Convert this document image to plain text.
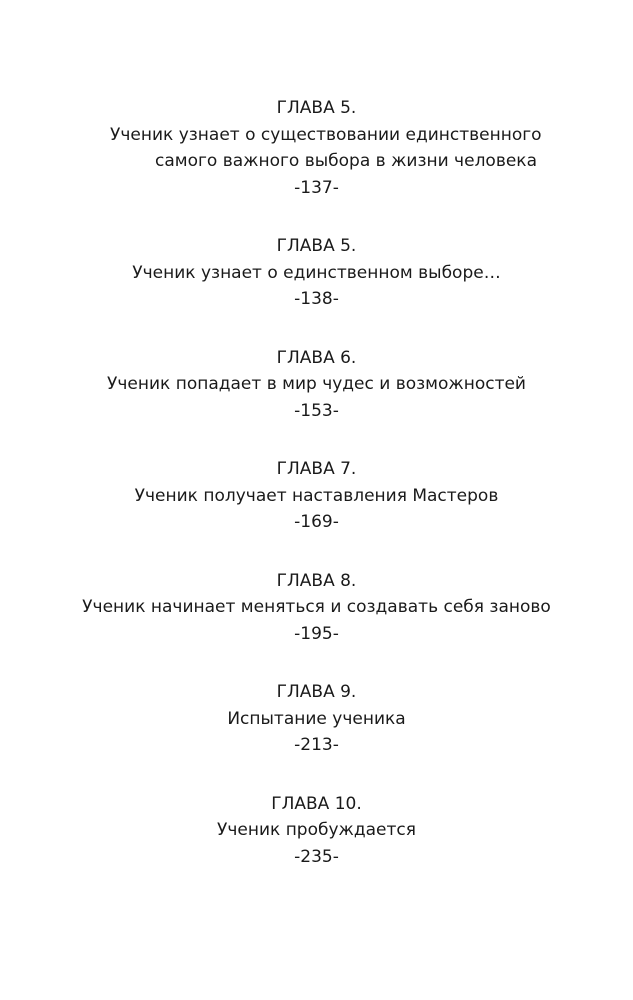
ГЛАВА 5.
Ученик узнает о существовании единственного
самого важного выбора в жизни человека
-137-
ГЛАВА 5.
Ученик узнает о единственном выборе…
-138-
ГЛАВА 6.
Ученик попадает в мир чудес и возможностей
-153-
ГЛАВА 7.
Ученик получает наставления Мастеров
-169-
ГЛАВА 8.
Ученик начинает меняться и создавать себя заново
-195-
ГЛАВА 9.
Испытание ученика
-213-
ГЛАВА 10.
Ученик пробуждается
-235-
